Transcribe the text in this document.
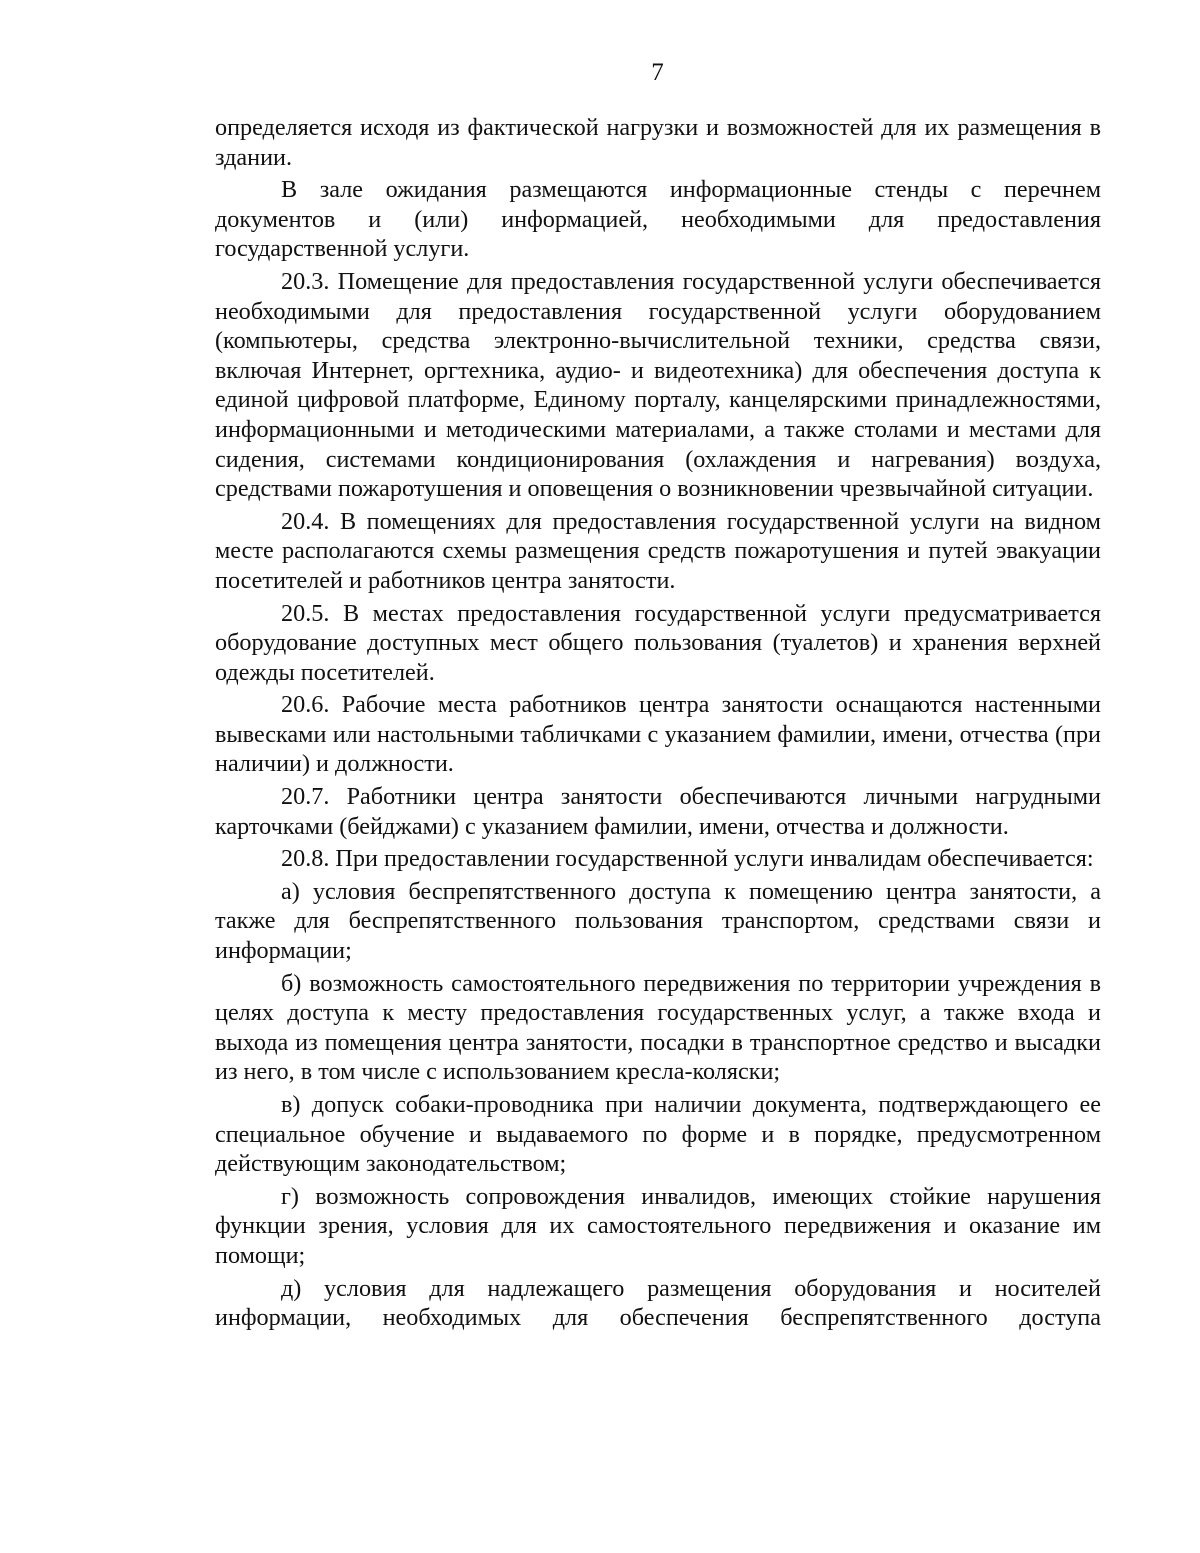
7

определяется исходя из фактической нагрузки и возможностей для их размещения в здании.

В зале ожидания размещаются информационные стенды с перечнем документов и (или) информацией, необходимыми для предоставления государственной услуги.

20.3. Помещение для предоставления государственной услуги обеспечивается необходимыми для предоставления государственной услуги оборудованием (компьютеры, средства электронно-вычислительной техники, средства связи, включая Интернет, оргтехника, аудио- и видеотехника) для обеспечения доступа к единой цифровой платформе, Единому порталу, канцелярскими принадлежностями, информационными и методическими материалами, а также столами и местами для сидения, системами кондиционирования (охлаждения и нагревания) воздуха, средствами пожаротушения и оповещения о возникновении чрезвычайной ситуации.

20.4. В помещениях для предоставления государственной услуги на видном месте располагаются схемы размещения средств пожаротушения и путей эвакуации посетителей и работников центра занятости.

20.5. В местах предоставления государственной услуги предусматривается оборудование доступных мест общего пользования (туалетов) и хранения верхней одежды посетителей.

20.6. Рабочие места работников центра занятости оснащаются настенными вывесками или настольными табличками с указанием фамилии, имени, отчества (при наличии) и должности.

20.7. Работники центра занятости обеспечиваются личными нагрудными карточками (бейджами) с указанием фамилии, имени, отчества и должности.

20.8. При предоставлении государственной услуги инвалидам обеспечивается:

а) условия беспрепятственного доступа к помещению центра занятости, а также для беспрепятственного пользования транспортом, средствами связи и информации;

б) возможность самостоятельного передвижения по территории учреждения в целях доступа к месту предоставления государственных услуг, а также входа и выхода из помещения центра занятости, посадки в транспортное средство и высадки из него, в том числе с использованием кресла-коляски;

в) допуск собаки-проводника при наличии документа, подтверждающего ее специальное обучение и выдаваемого по форме и в порядке, предусмотренном действующим законодательством;

г) возможность сопровождения инвалидов, имеющих стойкие нарушения функции зрения, условия для их самостоятельного передвижения и оказание им помощи;

д) условия для надлежащего размещения оборудования и носителей информации, необходимых для обеспечения беспрепятственного доступа
